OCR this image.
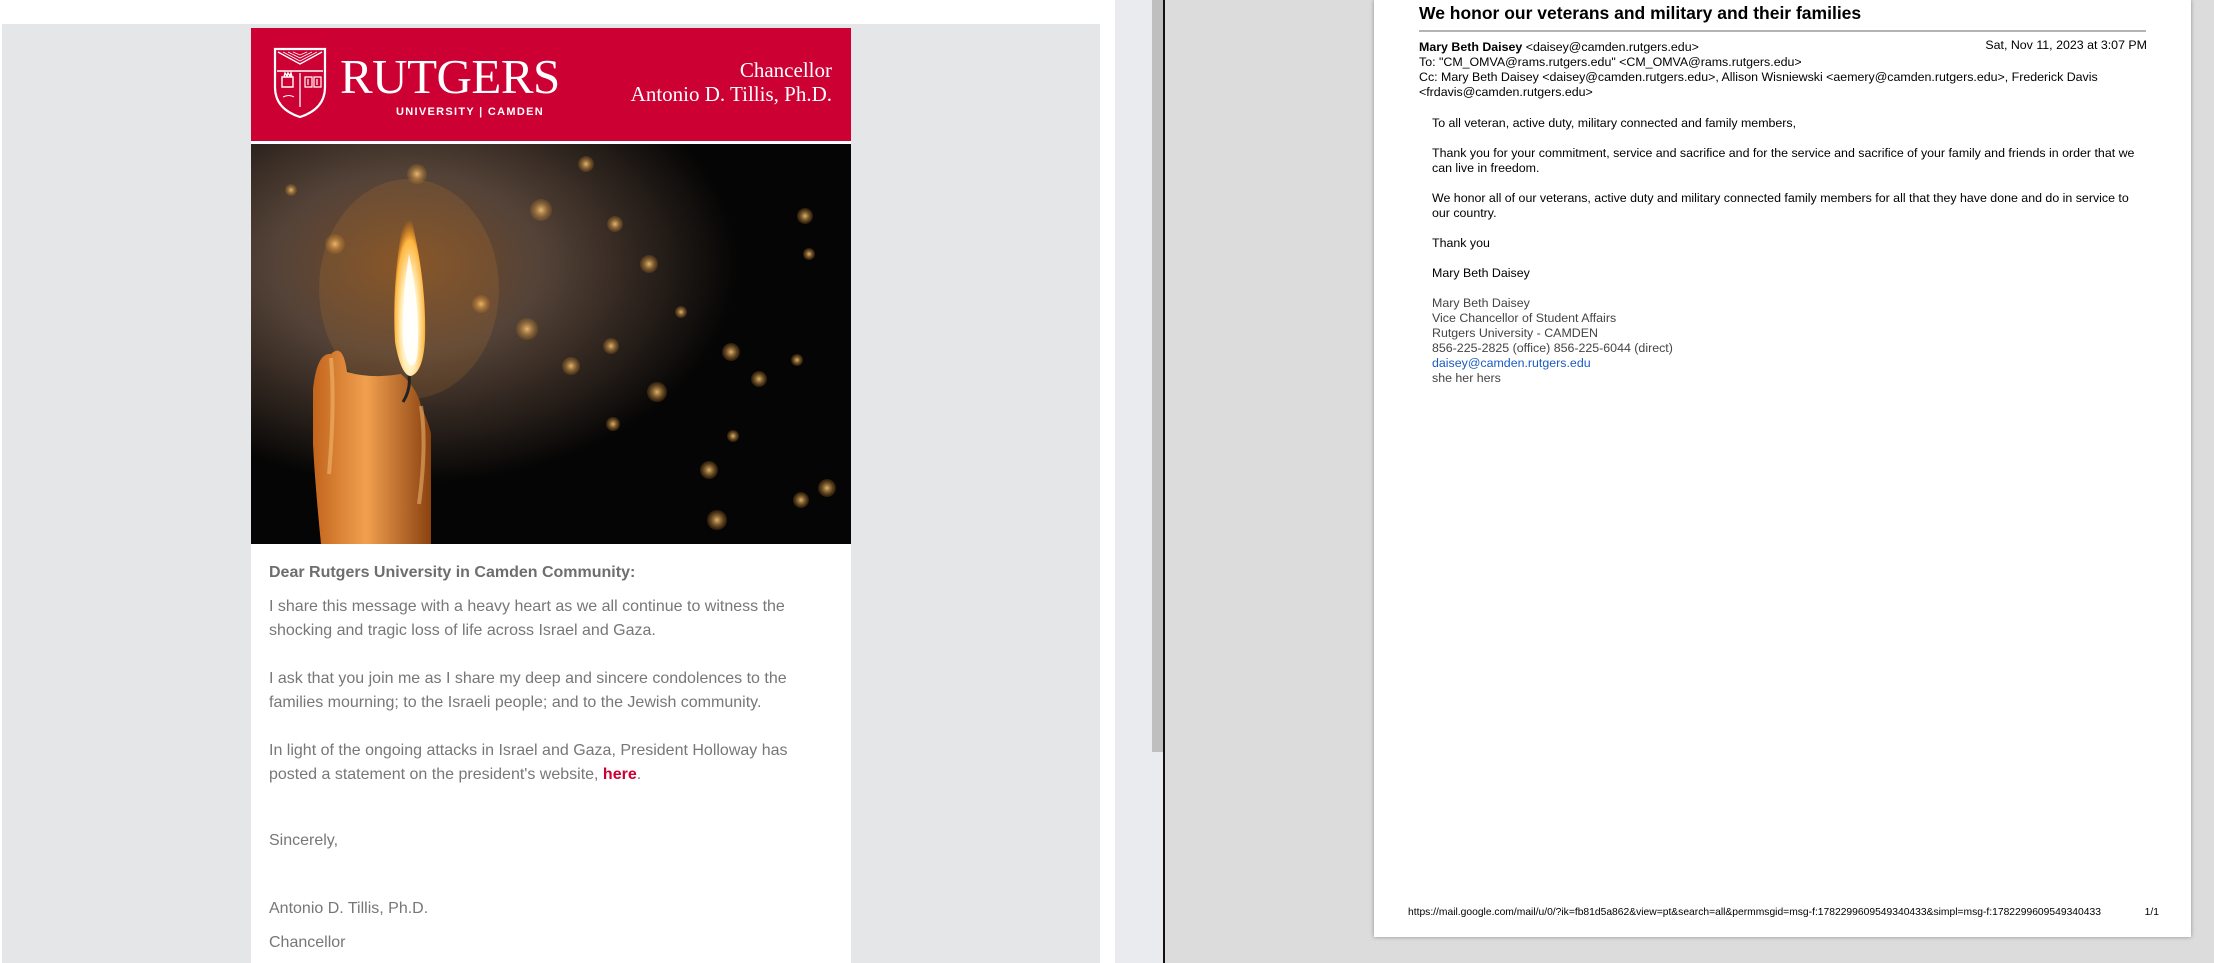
RUTGERS
UNIVERSITY | CAMDEN
Chancellor
Antonio D. Tillis, Ph.D.

Dear Rutgers University in Camden Community:

I share this message with a heavy heart as we all continue to witness the shocking and tragic loss of life across Israel and Gaza.

I ask that you join me as I share my deep and sincere condolences to the families mourning; to the Israeli people; and to the Jewish community.

In light of the ongoing attacks in Israel and Gaza, President Holloway has posted a statement on the president's website, here.

Sincerely,

Antonio D. Tillis, Ph.D.

Chancellor

We honor our veterans and military and their families
Mary Beth Daisey <daisey@camden.rutgers.edu>	Sat, Nov 11, 2023 at 3:07 PM
To: "CM_OMVA@rams.rutgers.edu" <CM_OMVA@rams.rutgers.edu>
Cc: Mary Beth Daisey <daisey@camden.rutgers.edu>, Allison Wisniewski <aemery@camden.rutgers.edu>, Frederick Davis
<frdavis@camden.rutgers.edu>

To all veteran, active duty, military connected and family members,

Thank you for your commitment, service and sacrifice and for the service and sacrifice of your family and friends in order that we can live in freedom.

We honor all of our veterans, active duty and military connected family members for all that they have done and do in service to our country.

Thank you

Mary Beth Daisey

Mary Beth Daisey

Vice Chancellor of Student Affairs

Rutgers University - CAMDEN

856-225-2825 (office) 856-225-6044 (direct)

daisey@camden.rutgers.edu

she her hers

https://mail.google.com/mail/u/0/?ik=fb81d5a862&view=pt&search=all&permmsgid=msg-f:1782299609549340433&simpl=msg-f:1782299609549340433	1/1
